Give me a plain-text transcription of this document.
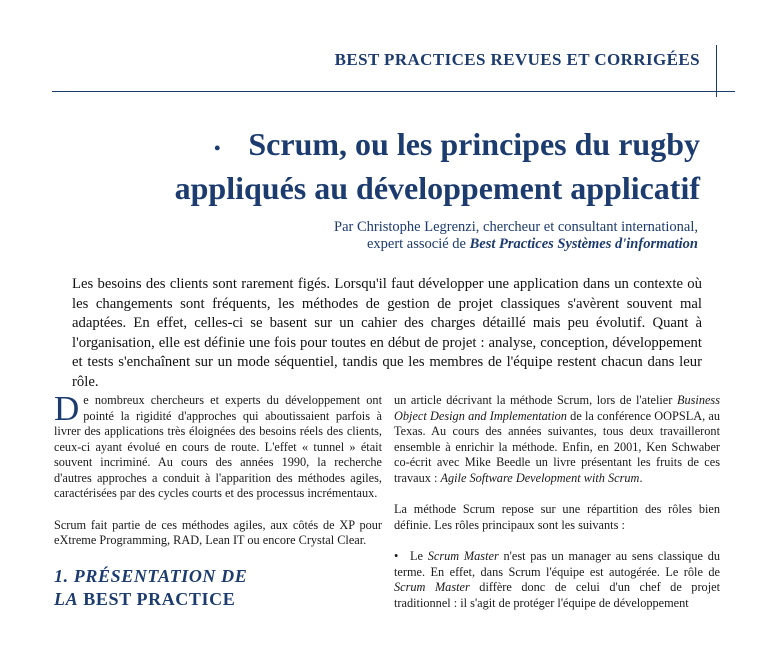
BEST PRACTICES REVUES ET CORRIGÉES
• Scrum, ou les principes du rugby
appliqués au développement applicatif
Par Christophe Legrenzi, chercheur et consultant international,
expert associé de Best Practices Systèmes d'information
Les besoins des clients sont rarement figés. Lorsqu'il faut développer une application dans un contexte où les changements sont fréquents, les méthodes de gestion de projet classiques s'avèrent souvent mal adaptées. En effet, celles-ci se basent sur un cahier des charges détaillé mais peu évolutif. Quant à l'organisation, elle est définie une fois pour toutes en début de projet : analyse, conception, développement et tests s'enchaînent sur un mode séquentiel, tandis que les membres de l'équipe restent chacun dans leur rôle.

De nombreux chercheurs et experts du développement ont pointé la rigidité d'approches qui aboutissaient parfois à livrer des applications très éloignées des besoins réels des clients, ceux-ci ayant évolué en cours de route. L'effet « tunnel » était souvent incriminé. Au cours des années 1990, la recherche d'autres approches a conduit à l'apparition des méthodes agiles, caractérisées par des cycles courts et des processus incrémentaux.

Scrum fait partie de ces méthodes agiles, aux côtés de XP pour eXtreme Programming, RAD, Lean IT ou encore Crystal Clear.

1. PRÉSENTATION DE
LA BEST PRACTICE

un article décrivant la méthode Scrum, lors de l'atelier Business Object Design and Implementation de la conférence OOPSLA, au Texas. Au cours des années suivantes, tous deux travailleront ensemble à enrichir la méthode. Enfin, en 2001, Ken Schwaber co-écrit avec Mike Beedle un livre présentant les fruits de ces travaux : Agile Software Development with Scrum.

La méthode Scrum repose sur une répartition des rôles bien définie. Les rôles principaux sont les suivants :

• Le Scrum Master n'est pas un manager au sens classique du terme. En effet, dans Scrum l'équipe est autogérée. Le rôle de Scrum Master diffère donc de celui d'un chef de projet traditionnel : il s'agit de protéger l'équipe de développement
